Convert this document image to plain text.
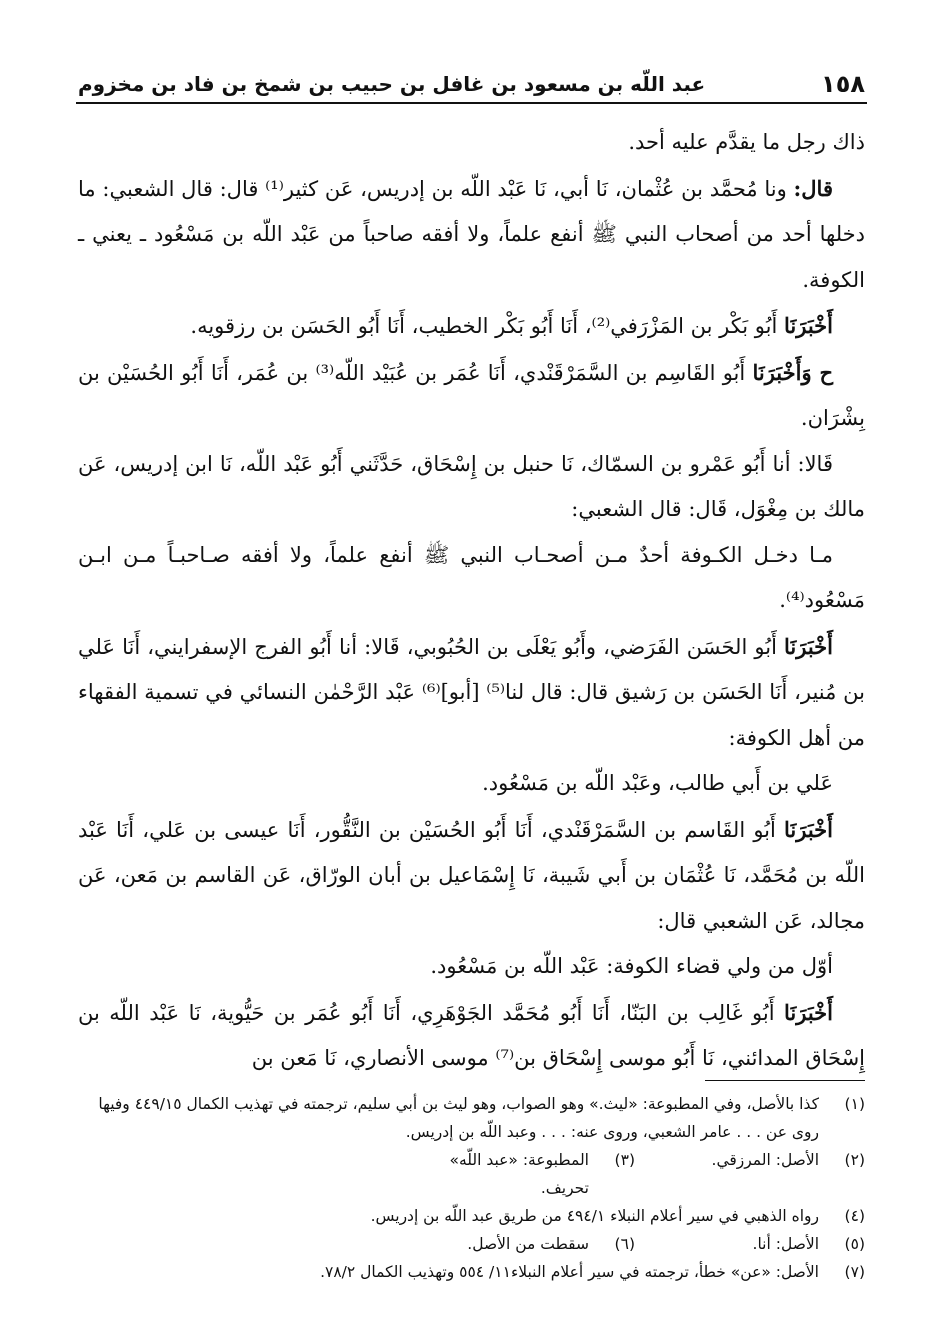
١٥٨
عبد اللّه بن مسعود بن غافل بن حبيب بن شمخ بن فاد بن مخزوم

ذاك رجل ما يقدَّم عليه أحد.

قال: ونا مُحمَّد بن عُثْمان، نَا أبي، نَا عَبْد اللّه بن إدريس، عَن كثير⁽¹⁾ قال: قال الشعبي: ما دخلها أحد من أصحاب النبي ﷺ أنفع علماً، ولا أفقه صاحباً من عَبْد اللّه بن مَسْعُود ـ يعني ـ الكوفة.

أَخْبَرَنَا أَبُو بَكْر بن المَزْرَفي⁽²⁾، أَنَا أَبُو بَكْر الخطيب، أَنَا أَبُو الحَسَن بن رزقويه.

ح وَأَخْبَرَنَا أَبُو القَاسِم بن السَّمَرْقَنْدي، أَنَا عُمَر بن عُبَيْد اللّه⁽³⁾ بن عُمَر، أَنَا أَبُو الحُسَيْن بن بِشْرَان.

قَالا: أنا أَبُو عَمْرو بن السمّاك، نَا حنبل بن إِسْحَاق، حَدَّثَني أَبُو عَبْد اللّه، نَا ابن إدريس، عَن مالك بن مِغْوَل، قَال: قال الشعبي:

مـا دخـل الكـوفة أحدٌ مـن أصحـاب النبي ﷺ أنفع علماً، ولا أفقه صـاحبـاً مـن ابـن مَسْعُود⁽⁴⁾.

أَخْبَرَنَا أَبُو الحَسَن الفَرَضي، وأَبُو يَعْلَى بن الحُبُوبي، قَالا: أنا أَبُو الفرج الإسفرايني، أَنَا عَلي بن مُنير، أَنَا الحَسَن بن رَشيق قال: قال لنا⁽⁵⁾ [أبو]⁽⁶⁾ عَبْد الرَّحْمٰن النسائي في تسمية الفقهاء من أهل الكوفة:

عَلي بن أَبي طالب، وعَبْد اللّه بن مَسْعُود.

أَخْبَرَنَا أَبُو القَاسم بن السَّمَرْقَنْدي، أَنَا أَبُو الحُسَيْن بن النَّقُّور، أَنَا عيسى بن عَلي، أَنَا عَبْد اللّه بن مُحَمَّد، نَا عُثْمَان بن أَبي شَيبة، نَا إِسْمَاعيل بن أبان الورّاق، عَن القاسم بن مَعن، عَن مجالد، عَن الشعبي قال:

أوّل من ولي قضاء الكوفة: عَبْد اللّه بن مَسْعُود.

أَخْبَرَنَا أَبُو غَالِب بن البَنّا، أَنَا أَبُو مُحَمَّد الجَوْهَرِي، أَنَا أَبُو عُمَر بن حَيُّوية، نَا عَبْد اللّه بن إِسْحَاق المدائني، نَا أَبُو موسى إِسْحَاق بن⁽⁷⁾ موسى الأنصاري، نَا مَعن بن

(١)
كذا بالأصل، وفي المطبوعة: «ليث.» وهو الصواب، وهو ليث بن أبي سليم، ترجمته في تهذيب الكمال ٤٤٩/١٥ وفيها روى عن . . . عامر الشعبي، وروى عنه: . . . وعبد اللّه بن إدريس.
(٢)
الأصل: المرزقي.
(٣)
المطبوعة: «عبد اللّه» تحريف.
(٤)
رواه الذهبي في سير أعلام النبلاء ٤٩٤/١ من طريق عبد اللّه بن إدريس.
(٥)
الأصل: أنا.
(٦)
سقطت من الأصل.
(٧)
الأصل: «عن» خطأ، ترجمته في سير أعلام النبلاء١١/ ٥٥٤ وتهذيب الكمال ٧٨/٢.
